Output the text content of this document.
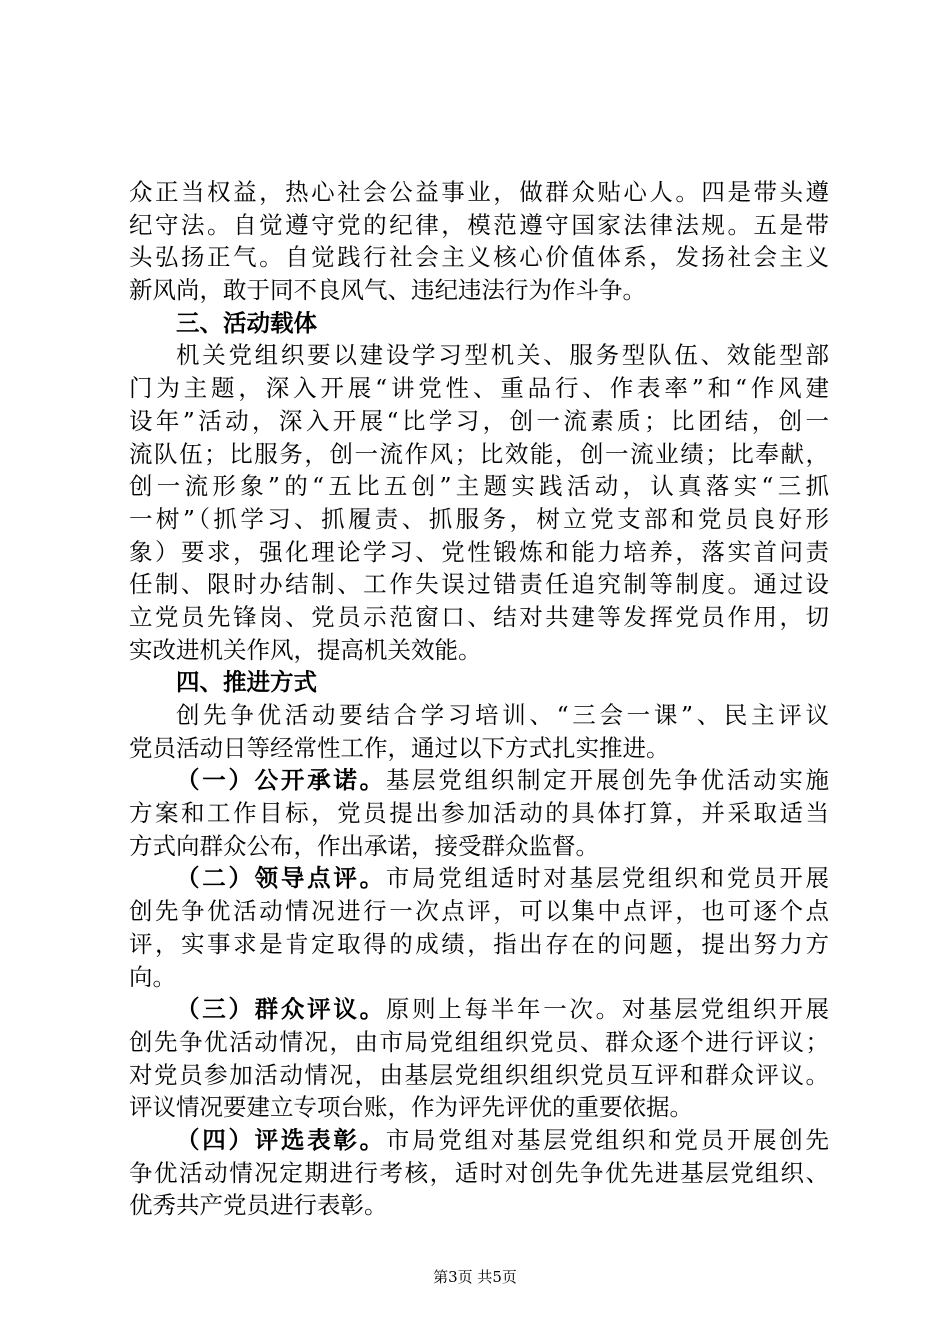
众正当权益，热心社会公益事业，做群众贴心人。四是带头遵
纪守法。自觉遵守党的纪律，模范遵守国家法律法规。五是带
头弘扬正气。自觉践行社会主义核心价值体系，发扬社会主义
新风尚，敢于同不良风气、违纪违法行为作斗争。
三、活动载体
机关党组织要以建设学习型机关、服务型队伍、效能型部
门为主题，深入开展“讲党性、重品行、作表率”和“作风建
设年”活动，深入开展“比学习，创一流素质；比团结，创一
流队伍；比服务，创一流作风；比效能，创一流业绩；比奉献，
创一流形象”的“五比五创”主题实践活动，认真落实“三抓
一树”（抓学习、抓履责、抓服务，树立党支部和党员良好形
象）要求，强化理论学习、党性锻炼和能力培养，落实首问责
任制、限时办结制、工作失误过错责任追究制等制度。通过设
立党员先锋岗、党员示范窗口、结对共建等发挥党员作用，切
实改进机关作风，提高机关效能。
四、推进方式
创先争优活动要结合学习培训、“三会一课”、民主评议
党员活动日等经常性工作，通过以下方式扎实推进。
（一）公开承诺。基层党组织制定开展创先争优活动实施
方案和工作目标，党员提出参加活动的具体打算，并采取适当
方式向群众公布，作出承诺，接受群众监督。
（二）领导点评。市局党组适时对基层党组织和党员开展
创先争优活动情况进行一次点评，可以集中点评，也可逐个点
评，实事求是肯定取得的成绩，指出存在的问题，提出努力方
向。
（三）群众评议。原则上每半年一次。对基层党组织开展
创先争优活动情况，由市局党组组织党员、群众逐个进行评议；
对党员参加活动情况，由基层党组织组织党员互评和群众评议。
评议情况要建立专项台账，作为评先评优的重要依据。
（四）评选表彰。市局党组对基层党组织和党员开展创先
争优活动情况定期进行考核，适时对创先争优先进基层党组织、
优秀共产党员进行表彰。
第3页 共5页
